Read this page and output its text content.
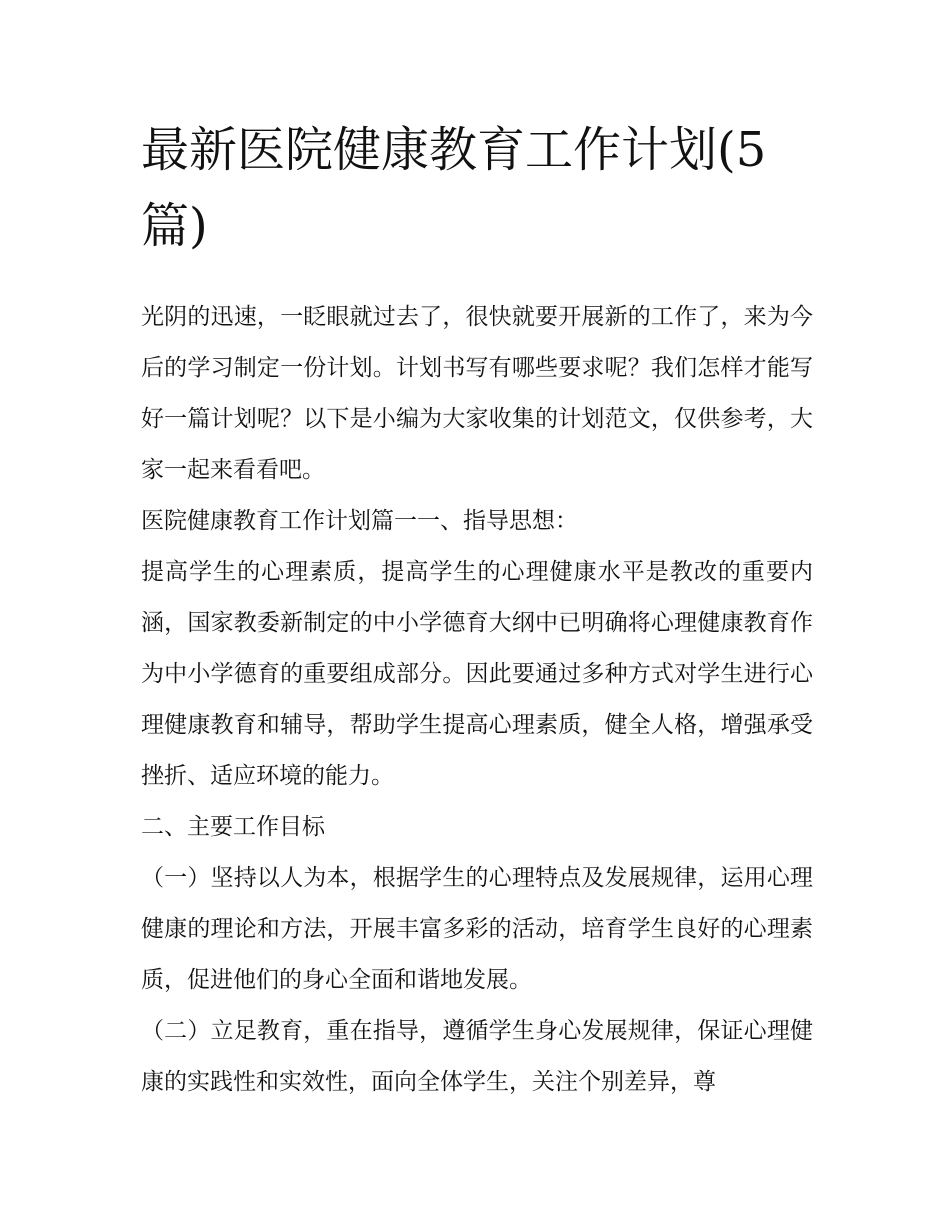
最新医院健康教育工作计划(5篇)

光阴的迅速，一眨眼就过去了，很快就要开展新的工作了，来为今后的学习制定一份计划。计划书写有哪些要求呢？我们怎样才能写好一篇计划呢？以下是小编为大家收集的计划范文，仅供参考，大家一起来看看吧。

医院健康教育工作计划篇一一、指导思想：

提高学生的心理素质，提高学生的心理健康水平是教改的重要内涵，国家教委新制定的中小学德育大纲中已明确将心理健康教育作为中小学德育的重要组成部分。因此要通过多种方式对学生进行心理健康教育和辅导，帮助学生提高心理素质，健全人格，增强承受挫折、适应环境的能力。

二、主要工作目标

（一）坚持以人为本，根据学生的心理特点及发展规律，运用心理健康的理论和方法，开展丰富多彩的活动，培育学生良好的心理素质，促进他们的身心全面和谐地发展。

（二）立足教育，重在指导，遵循学生身心发展规律，保证心理健康的实践性和实效性，面向全体学生，关注个别差异，尊
